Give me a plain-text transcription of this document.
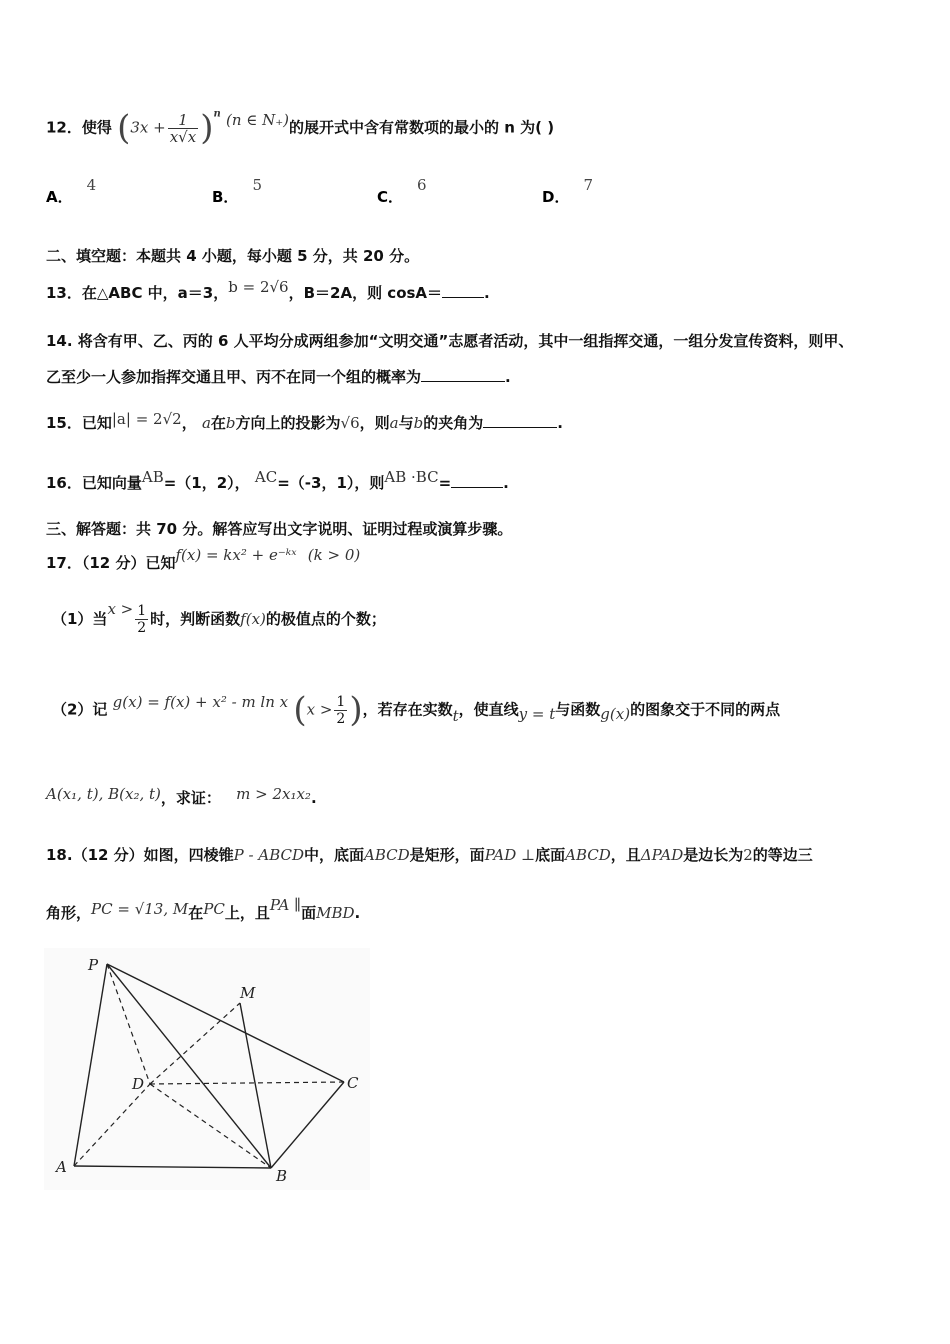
12．使得 $(3x + \frac{1}{x√x} )^n$ (n ∈ N₊)的展开式中含有常数项的最小的 n 为( )
A．4
B．5
C．6
D．7
二、填空题：本题共 4 小题，每小题 5 分，共 20 分。
13．在△ABC 中，a＝3，b = 2√6，B＝2A，则 cosA＝	.
14. 将含有甲、乙、丙的 6 人平均分成两组参加“文明交通”志愿者活动，其中一组指挥交通，一组分发宣传资料，则甲、
乙至少一人参加指挥交通且甲、丙不在同一个组的概率为	.
15．已知|a| = 2√2， a在b方向上的投影为√6，则a与b的夹角为	.
16．已知向量AB=（1，2）， AC=（-3，1），则AB ·BC=	.
三、解答题：共 70 分。解答应写出文字说明、证明过程或演算步骤。
17．（12 分）已知f(x) = kx² + e⁻ᵏˣ (k > 0)
（1）当$x > \frac{1}{2}$ 时，判断函数f(x)的极值点的个数；
（2）记 g(x) = f(x) + x² - m ln x ($x > \frac{1}{2}$ )，若存在实数t，使直线y = t与函数g(x)的图象交于不同的两点
A(x₁, t), B(x₂, t)，求证： m > 2x₁x₂.
18.（12 分）如图，四棱锥P - ABCD中，底面ABCD是矩形，面PAD ⊥底面ABCD，且ΔPAD是边长为2的等边三
角形，PC = √13, M在PC上，且PA ∥面MBD.
P
M
D	C
A	B
